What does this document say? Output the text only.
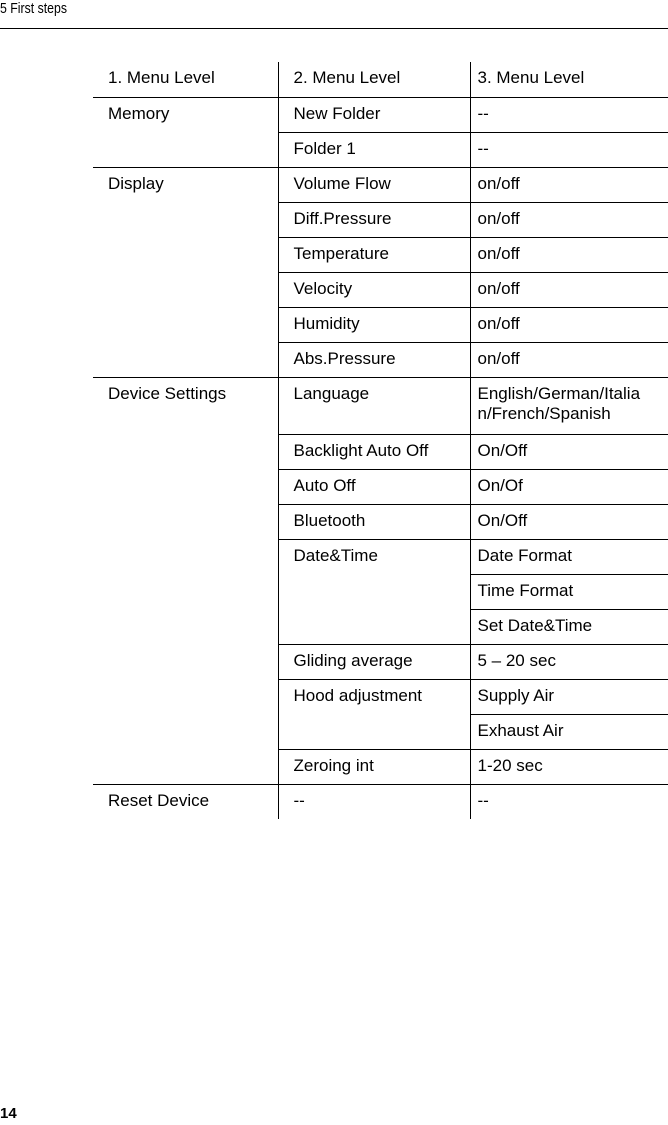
5 First steps
1. Menu Level	2. Menu Level	3. Menu Level
Memory	New Folder	--
	Folder 1	--
Display	Volume Flow	on/off
	Diff.Pressure	on/off
	Temperature	on/off
	Velocity	on/off
	Humidity	on/off
	Abs.Pressure	on/off
Device Settings	Language	English/German/Italia
n/French/Spanish
	Backlight Auto Off	On/Off
	Auto Off	On/Of
	Bluetooth	On/Off
	Date&Time	Date Format
		Time Format
		Set Date&Time
	Gliding average	5 – 20 sec
	Hood adjustment	Supply Air
		Exhaust Air
	Zeroing int	1-20 sec
Reset Device	--	--
14
